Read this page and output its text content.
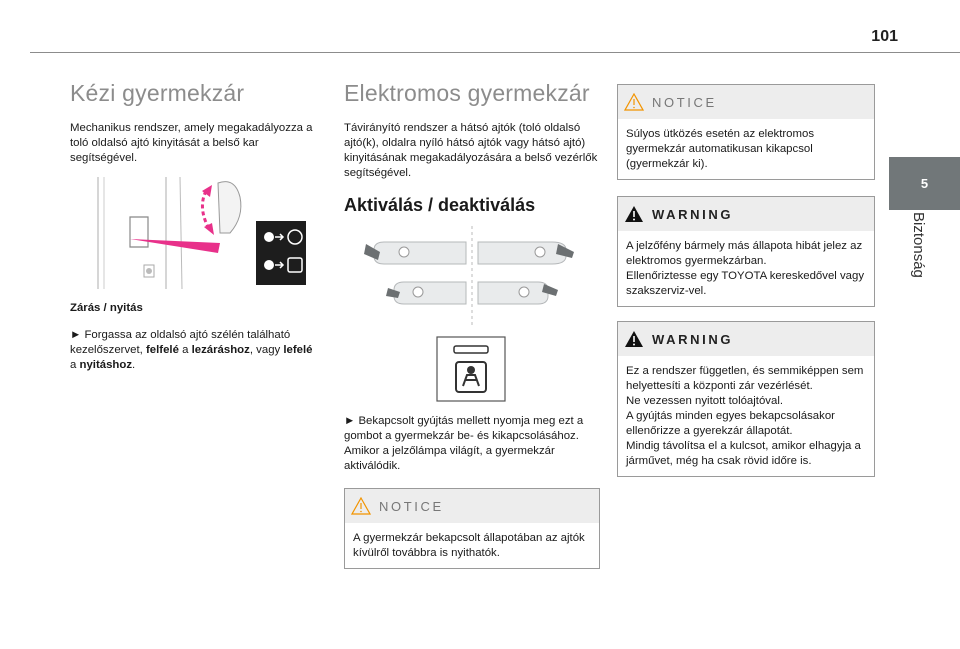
101
5
Biztonság
Kézi gyermekzár

Mechanikus rendszer, amely megakadályozza a toló oldalsó ajtó kinyitását a belső kar segítségével.

Zárás / nyitás

► Forgassa az oldalsó ajtó szélén található kezelőszervet, felfelé a lezáráshoz, vagy lefelé a nyitáshoz.

Elektromos gyermekzár

Távirányító rendszer a hátsó ajtók (toló oldalsó ajtó(k), oldalra nyíló hátsó ajtók vagy hátsó ajtó) kinyitásának megakadályozására a belső vezérlők segítségével.

Aktiválás / deaktiválás

► Bekapcsolt gyújtás mellett nyomja meg ezt a gombot a gyermekzár be- és kikapcsolásához.

Amikor a jelzőlámpa világít, a gyermekzár aktiválódik.

NOTICE
A gyermekzár bekapcsolt állapotában az ajtók kívülről továbbra is nyithatók.
NOTICE
Súlyos ütközés esetén az elektromos gyermekzár automatikusan kikapcsol (gyermekzár ki).
WARNING
A jelzőfény bármely más állapota hibát jelez az elektromos gyermekzárban.
Ellenőriztesse egy TOYOTA kereskedővel vagy szakszerviz-vel.
WARNING
Ez a rendszer független, és semmiképpen sem helyettesíti a központi zár vezérlését.
Ne vezessen nyitott tolóajtóval.
A gyújtás minden egyes bekapcsolásakor ellenőrizze a gyerekzár állapotát.
Mindig távolítsa el a kulcsot, amikor elhagyja a járművet, még ha csak rövid időre is.
